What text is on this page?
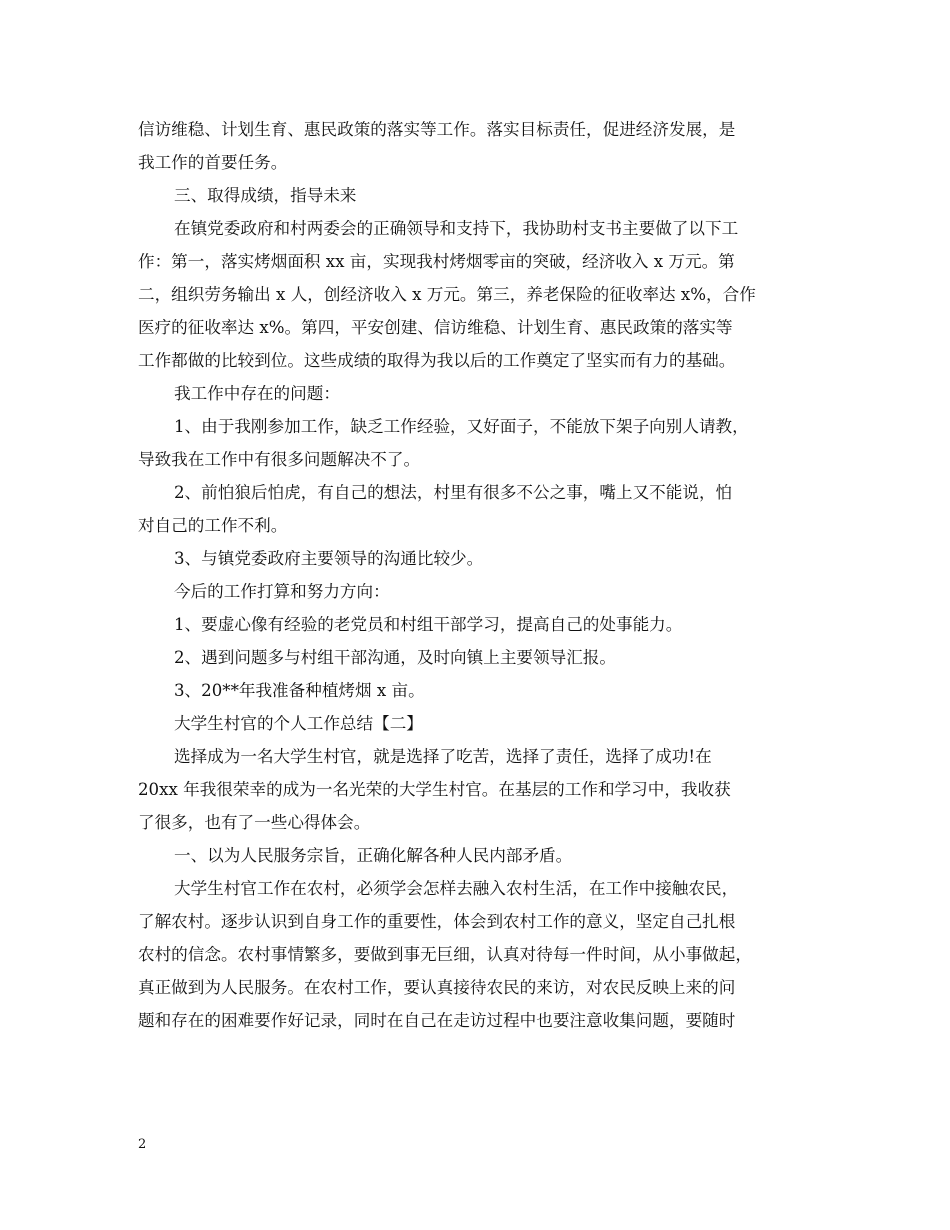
信访维稳、计划生育、惠民政策的落实等工作。落实目标责任，促进经济发展，是
我工作的首要任务。
三、取得成绩，指导未来
在镇党委政府和村两委会的正确领导和支持下，我协助村支书主要做了以下工
作：第一，落实烤烟面积 xx 亩，实现我村烤烟零亩的突破，经济收入 x 万元。第
二，组织劳务输出 x 人，创经济收入 x 万元。第三，养老保险的征收率达 x%，合作
医疗的征收率达 x%。第四，平安创建、信访维稳、计划生育、惠民政策的落实等
工作都做的比较到位。这些成绩的取得为我以后的工作奠定了坚实而有力的基础。
我工作中存在的问题：
1、由于我刚参加工作，缺乏工作经验，又好面子，不能放下架子向别人请教，
导致我在工作中有很多问题解决不了。
2、前怕狼后怕虎，有自己的想法，村里有很多不公之事，嘴上又不能说，怕
对自己的工作不利。
3、与镇党委政府主要领导的沟通比较少。
今后的工作打算和努力方向：
1、要虚心像有经验的老党员和村组干部学习，提高自己的处事能力。
2、遇到问题多与村组干部沟通，及时向镇上主要领导汇报。
3、20**年我准备种植烤烟 x 亩。
大学生村官的个人工作总结【二】
选择成为一名大学生村官，就是选择了吃苦，选择了责任，选择了成功!在
20xx 年我很荣幸的成为一名光荣的大学生村官。在基层的工作和学习中，我收获
了很多，也有了一些心得体会。
一、以为人民服务宗旨，正确化解各种人民内部矛盾。
大学生村官工作在农村，必须学会怎样去融入农村生活，在工作中接触农民，
了解农村。逐步认识到自身工作的重要性，体会到农村工作的意义，坚定自己扎根
农村的信念。农村事情繁多，要做到事无巨细，认真对待每一件时间，从小事做起，
真正做到为人民服务。在农村工作，要认真接待农民的来访，对农民反映上来的问
题和存在的困难要作好记录，同时在自己在走访过程中也要注意收集问题，要随时
2
